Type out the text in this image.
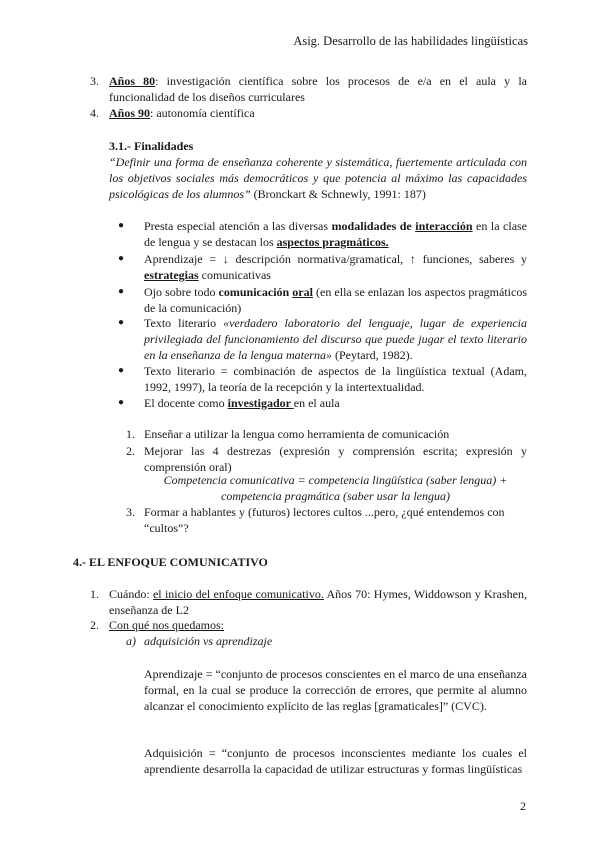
Asig. Desarrollo de las habilidades lingüísticas
3. Años 80: investigación científica sobre los procesos de e/a en el aula y la funcionalidad de los diseños curriculares
4. Años 90: autonomía científica
3.1.- Finalidades
“Definir una forma de enseñanza coherente y sistemática, fuertemente articulada con los objetivos sociales más democráticos y que potencia al máximo las capacidades psicológicas de los alumnos” (Bronckart & Schnewly, 1991: 187)
● Presta especial atención a las diversas modalidades de interacción en la clase de lengua y se destacan los aspectos pragmáticos.
● Aprendizaje = ↓ descripción normativa/gramatical, ↑ funciones, saberes y estrategias comunicativas
● Ojo sobre todo comunicación oral (en ella se enlazan los aspectos pragmáticos de la comunicación)
● Texto literario «verdadero laboratorio del lenguaje, lugar de experiencia privilegiada del funcionamiento del discurso que puede jugar el texto literario en la enseñanza de la lengua materna» (Peytard, 1982).
● Texto literario = combinación de aspectos de la lingüística textual (Adam, 1992, 1997), la teoría de la recepción y la intertextualidad.
● El docente como investigador en el aula
1. Enseñar a utilizar la lengua como herramienta de comunicación
2. Mejorar las 4 destrezas (expresión y comprensión escrita; expresión y comprensión oral)
Competencia comunicativa = competencia lingüística (saber lengua) +
competencia pragmática (saber usar la lengua)
3. Formar a hablantes y (futuros) lectores cultos ...pero, ¿qué entendemos con “cultos”?
4.- EL ENFOQUE COMUNICATIVO
1. Cuándo: el inicio del enfoque comunicativo. Años 70: Hymes, Widdowson y Krashen, enseñanza de L2
2. Con qué nos quedamos:
a) adquisición vs aprendizaje
Aprendizaje = “conjunto de procesos conscientes en el marco de una enseñanza formal, en la cual se produce la corrección de errores, que permite al alumno alcanzar el conocimiento explícito de las reglas [gramaticales]” (CVC).
Adquisición = “conjunto de procesos inconscientes mediante los cuales el aprendiente desarrolla la capacidad de utilizar estructuras y formas lingüísticas
2
